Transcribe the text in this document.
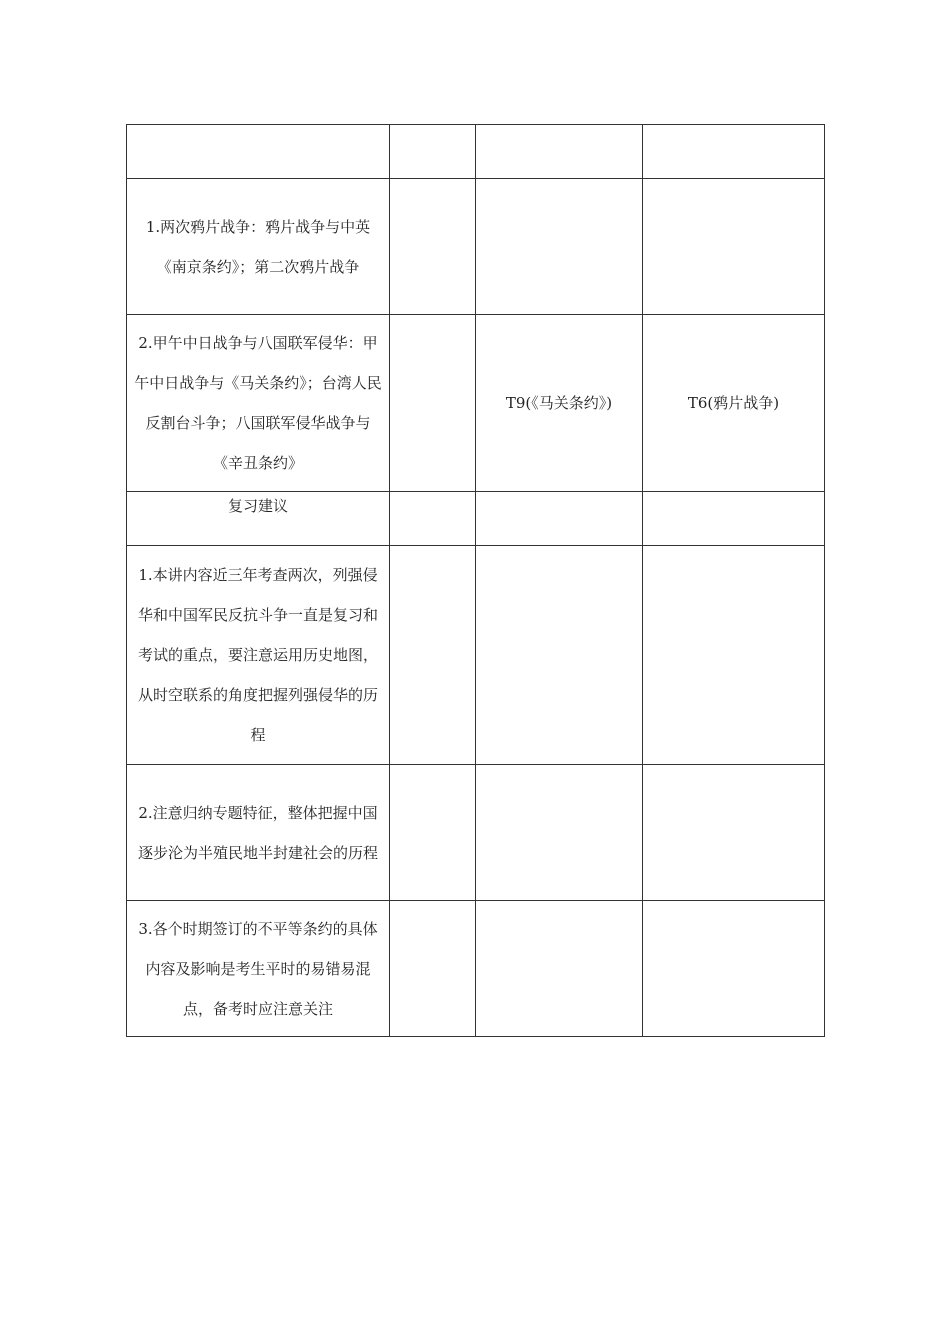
1.两次鸦片战争：鸦片战争与中英《南京条约》；第二次鸦片战争			
2.甲午中日战争与八国联军侵华：甲午中日战争与《马关条约》；台湾人民反割台斗争；八国联军侵华战争与《辛丑条约》		T9(《马关条约》)	T6(鸦片战争)
复习建议			
1.本讲内容近三年考查两次，列强侵华和中国军民反抗斗争一直是复习和考试的重点，要注意运用历史地图，从时空联系的角度把握列强侵华的历程			
2.注意归纳专题特征，整体把握中国逐步沦为半殖民地半封建社会的历程			
3.各个时期签订的不平等条约的具体内容及影响是考生平时的易错易混点，备考时应注意关注			
